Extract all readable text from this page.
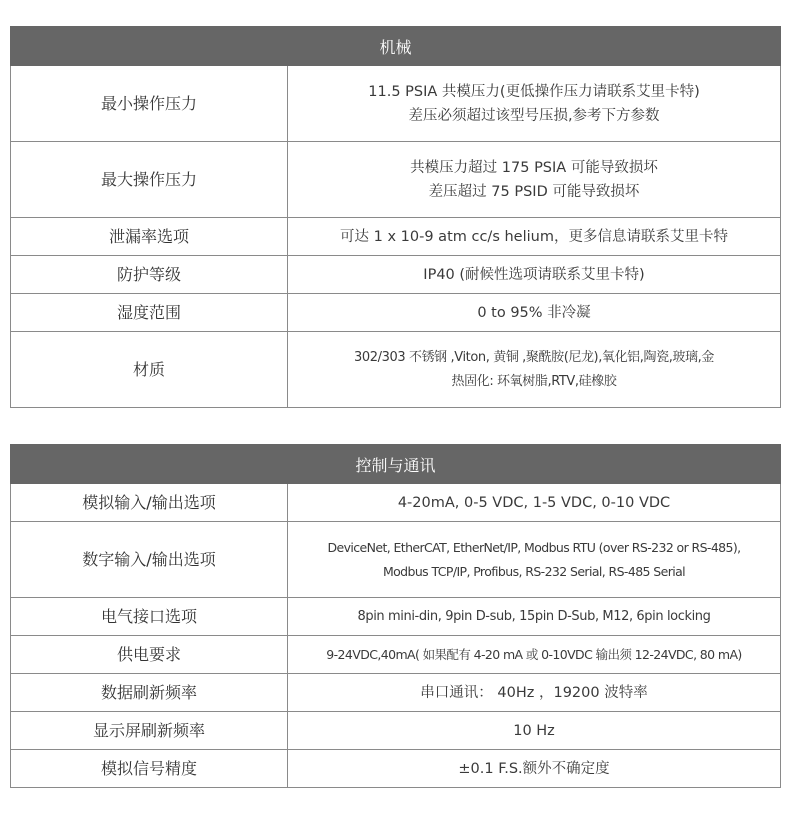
机械	
最小操作压力	11.5 PSIA 共模压力(更低操作压力请联系艾里卡特)
差压必须超过该型号压损,参考下方参数

最大操作压力	共模压力超过 175 PSIA 可能导致损坏
差压超过 75 PSID 可能导致损坏

泄漏率选项	可达 1 x 10-9 atm cc/s helium，更多信息请联系艾里卡特

防护等级	IP40 (耐候性选项请联系艾里卡特)

湿度范围	0 to 95% 非冷凝

材质	302/303 不锈钢 ,Viton, 黄铜 ,聚酰胺(尼龙),氧化铝,陶瓷,玻璃,金
热固化: 环氧树脂,RTV,硅橡胶
控制与通讯	
模拟输入/输出选项	4-20mA, 0-5 VDC, 1-5 VDC, 0-10 VDC

数字输入/输出选项	DeviceNet, EtherCAT, EtherNet/IP, Modbus RTU (over RS-232 or RS-485),
Modbus TCP/IP, Profibus, RS-232 Serial, RS-485 Serial

电气接口选项	8pin mini-din, 9pin D-sub, 15pin D-Sub, M12, 6pin locking

供电要求	9-24VDC,40mA( 如果配有 4-20 mA 或 0-10VDC 输出须 12-24VDC, 80 mA)

数据刷新频率	串口通讯： 40Hz ，19200 波特率

显示屏刷新频率	10 Hz

模拟信号精度	±0.1 F.S.额外不确定度
